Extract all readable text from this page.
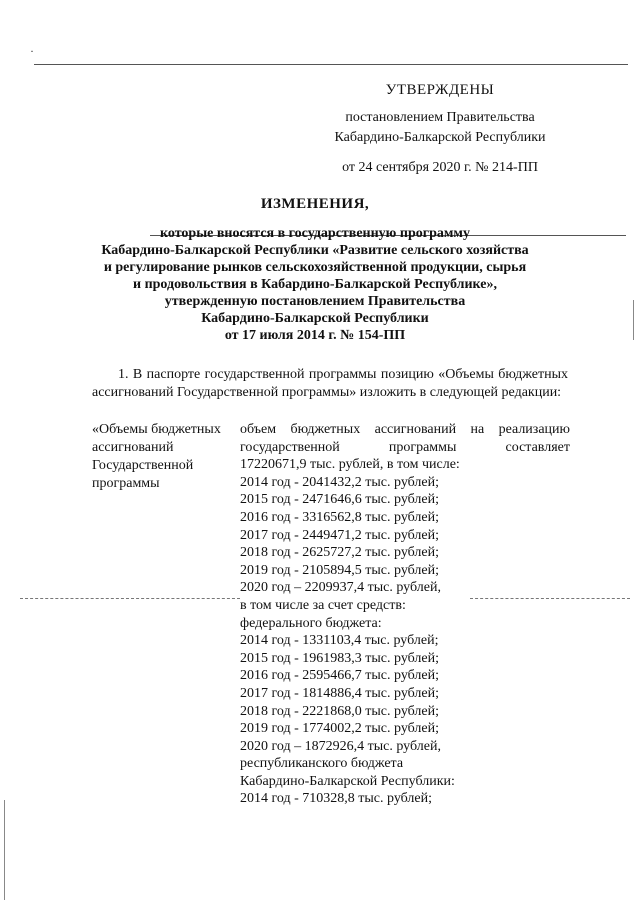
·
УТВЕРЖДЕНЫ
постановлением Правительства
Кабардино-Балкарской Республики
от 24 сентября 2020 г. № 214-ПП
ИЗМЕНЕНИЯ,
которые вносятся в государственную программу
Кабардино-Балкарской Республики «Развитие сельского хозяйства
и регулирование рынков сельскохозяйственной продукции, сырья
и продовольствия в Кабардино-Балкарской Республике»,
утвержденную постановлением Правительства
Кабардино-Балкарской Республики
от 17 июля 2014 г. № 154-ПП
1. В паспорте государственной программы позицию «Объемы бюджетных ассигнований Государственной программы» изложить в следующей редакции:
«Объемы бюджетных
ассигнований
Государственной
программы
объем бюджетных ассигнований на реализацию
государственной программы составляет
17220671,9 тыс. рублей, в том числе:
2014 год - 2041432,2 тыс. рублей;
2015 год - 2471646,6 тыс. рублей;
2016 год - 3316562,8 тыс. рублей;
2017 год - 2449471,2 тыс. рублей;
2018 год - 2625727,2 тыс. рублей;
2019 год - 2105894,5 тыс. рублей;
2020 год – 2209937,4 тыс. рублей,
в том числе за счет средств:
федерального бюджета:
2014 год - 1331103,4 тыс. рублей;
2015 год - 1961983,3 тыс. рублей;
2016 год - 2595466,7 тыс. рублей;
2017 год - 1814886,4 тыс. рублей;
2018 год - 2221868,0 тыс. рублей;
2019 год - 1774002,2 тыс. рублей;
2020 год – 1872926,4 тыс. рублей,
республиканского бюджета
Кабардино-Балкарской Республики:
2014 год - 710328,8 тыс. рублей;
